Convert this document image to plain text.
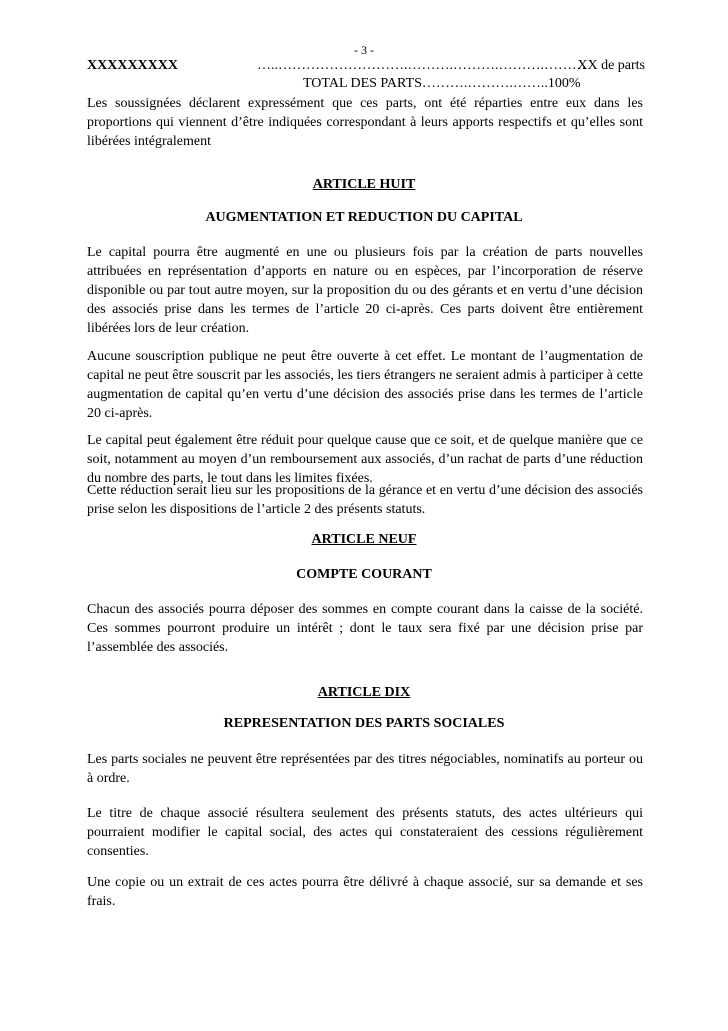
- 3 -
XXXXXXXXX	…..……………………….……….……….……….………
XX de parts
TOTAL DES PARTS……….……….……..100%

Les soussignées déclarent expressément que ces parts, ont été réparties entre eux dans les proportions qui viennent d’être indiquées correspondant à leurs apports respectifs et qu’elles sont libérées intégralement

ARTICLE HUIT
AUGMENTATION ET REDUCTION DU CAPITAL

Le capital pourra être augmenté en une ou plusieurs fois par la création de parts nouvelles attribuées en représentation d’apports en nature ou en espèces, par l’incorporation de réserve disponible ou par tout autre moyen, sur la proposition du ou des gérants et en vertu d’une décision des associés prise dans les termes de l’article 20 ci-après. Ces parts doivent être entièrement libérées lors de leur création.

Aucune souscription publique ne peut être ouverte à cet effet. Le montant de l’augmentation de capital ne peut être souscrit par les associés, les tiers étrangers ne seraient admis à participer à cette augmentation de capital qu’en vertu d’une décision des associés prise dans les termes de l’article 20 ci-après.

Le capital peut également être réduit pour quelque cause que ce soit, et de quelque manière que ce soit, notamment au moyen d’un remboursement aux associés, d’un rachat de parts d’une réduction du nombre des parts, le tout dans les limites fixées.

Cette réduction serait lieu sur les propositions de la gérance et en vertu d’une décision des associés prise selon les dispositions de l’article 2 des présents statuts.

ARTICLE NEUF
COMPTE COURANT

Chacun des associés pourra déposer des sommes en compte courant dans la caisse de la société. Ces sommes pourront produire un intérêt ; dont le taux sera fixé par une décision prise par l’assemblée des associés.

ARTICLE DIX
REPRESENTATION DES PARTS SOCIALES

Les parts sociales ne peuvent être représentées par des titres négociables, nominatifs au porteur ou à ordre.

Le titre de chaque associé résultera seulement des présents statuts, des actes ultérieurs qui pourraient modifier le capital social, des actes qui constateraient des cessions régulièrement consenties.

Une copie ou un extrait de ces actes pourra être délivré à chaque associé, sur sa demande et ses frais.
